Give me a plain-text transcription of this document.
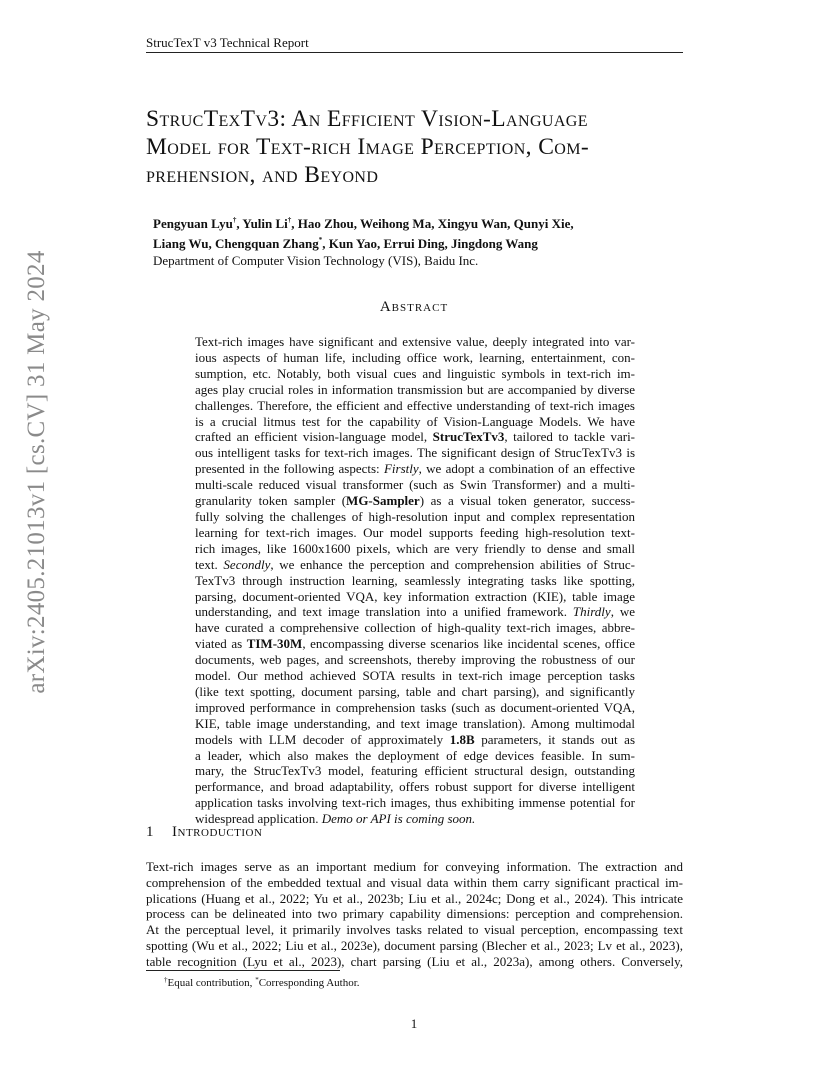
StrucTexT v3 Technical Report
StrucTexTv3: An Efficient Vision-Language
Model for Text-rich Image Perception, Com-
prehension, and Beyond
Pengyuan Lyu†, Yulin Li†, Hao Zhou, Weihong Ma, Xingyu Wan, Qunyi Xie,
Liang Wu, Chengquan Zhang*, Kun Yao, Errui Ding, Jingdong Wang
Department of Computer Vision Technology (VIS), Baidu Inc.
Abstract
Text-rich images have significant and extensive value, deeply integrated into var-
ious aspects of human life, including office work, learning, entertainment, con-
sumption, etc. Notably, both visual cues and linguistic symbols in text-rich im-
ages play crucial roles in information transmission but are accompanied by diverse
challenges. Therefore, the efficient and effective understanding of text-rich images
is a crucial litmus test for the capability of Vision-Language Models. We have
crafted an efficient vision-language model, StrucTexTv3, tailored to tackle vari-
ous intelligent tasks for text-rich images. The significant design of StrucTexTv3 is
presented in the following aspects: Firstly, we adopt a combination of an effective
multi-scale reduced visual transformer (such as Swin Transformer) and a multi-
granularity token sampler (MG-Sampler) as a visual token generator, success-
fully solving the challenges of high-resolution input and complex representation
learning for text-rich images. Our model supports feeding high-resolution text-
rich images, like 1600x1600 pixels, which are very friendly to dense and small
text. Secondly, we enhance the perception and comprehension abilities of Struc-
TexTv3 through instruction learning, seamlessly integrating tasks like spotting,
parsing, document-oriented VQA, key information extraction (KIE), table image
understanding, and text image translation into a unified framework. Thirdly, we
have curated a comprehensive collection of high-quality text-rich images, abbre-
viated as TIM-30M, encompassing diverse scenarios like incidental scenes, office
documents, web pages, and screenshots, thereby improving the robustness of our
model. Our method achieved SOTA results in text-rich image perception tasks
(like text spotting, document parsing, table and chart parsing), and significantly
improved performance in comprehension tasks (such as document-oriented VQA,
KIE, table image understanding, and text image translation). Among multimodal
models with LLM decoder of approximately 1.8B parameters, it stands out as
a leader, which also makes the deployment of edge devices feasible. In sum-
mary, the StrucTexTv3 model, featuring efficient structural design, outstanding
performance, and broad adaptability, offers robust support for diverse intelligent
application tasks involving text-rich images, thus exhibiting immense potential for
widespread application. Demo or API is coming soon.
1 Introduction
Text-rich images serve as an important medium for conveying information. The extraction and
comprehension of the embedded textual and visual data within them carry significant practical im-
plications (Huang et al., 2022; Yu et al., 2023b; Liu et al., 2024c; Dong et al., 2024). This intricate
process can be delineated into two primary capability dimensions: perception and comprehension.
At the perceptual level, it primarily involves tasks related to visual perception, encompassing text
spotting (Wu et al., 2022; Liu et al., 2023e), document parsing (Blecher et al., 2023; Lv et al., 2023),
table recognition (Lyu et al., 2023), chart parsing (Liu et al., 2023a), among others. Conversely,
†Equal contribution, *Corresponding Author.
1
arXiv:2405.21013v1 [cs.CV] 31 May 2024
